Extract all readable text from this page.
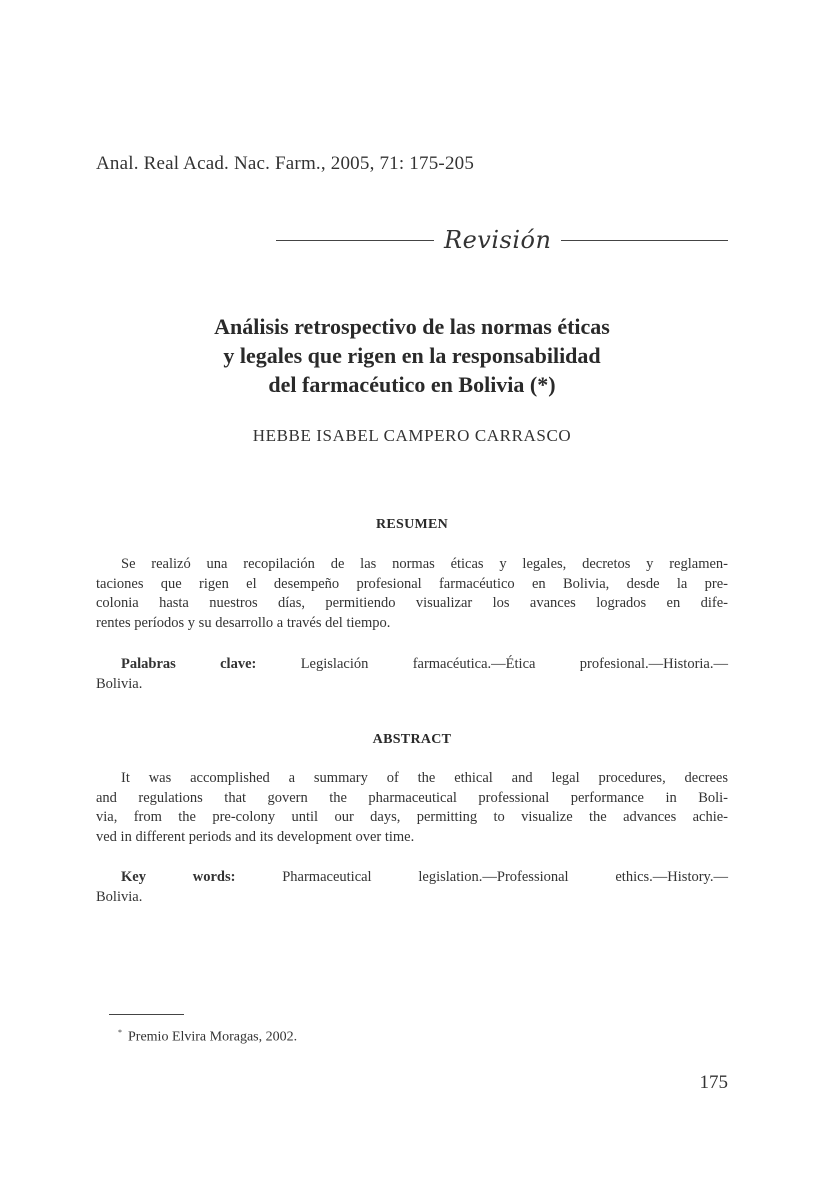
Anal. Real Acad. Nac. Farm., 2005, 71: 175-205
Revisión
Análisis retrospectivo de las normas éticas
y legales que rigen en la responsabilidad
del farmacéutico en Bolivia (*)
HEBBE ISABEL CAMPERO CARRASCO
RESUMEN
Se realizó una recopilación de las normas éticas y legales, decretos y reglamen-
taciones que rigen el desempeño profesional farmacéutico en Bolivia, desde la pre-
colonia hasta nuestros días, permitiendo visualizar los avances logrados en dife-
rentes períodos y su desarrollo a través del tiempo.
Palabras clave:	Legislación farmacéutica.—Ética profesional.—Historia.—
Bolivia.
ABSTRACT
It was accomplished a summary of the ethical and legal procedures, decrees
and regulations that govern the pharmaceutical professional performance in Boli-
via, from the pre-colony until our days, permitting to visualize the advances achie-
ved in different periods and its development over time.
Key words:	Pharmaceutical legislation.—Professional ethics.—History.—
Bolivia.
* Premio Elvira Moragas, 2002.
175
